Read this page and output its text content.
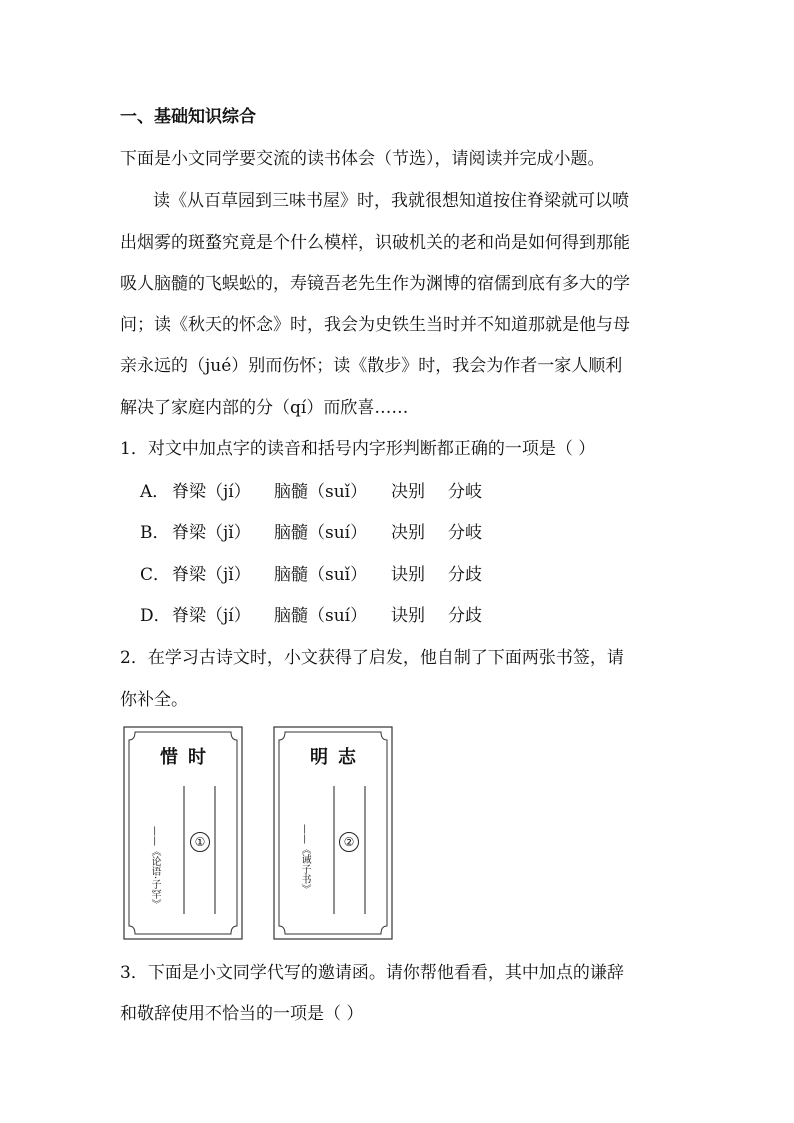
一、基础知识综合
下面是小文同学要交流的读书体会（节选），请阅读并完成小题。
读《从百草园到三味书屋》时，我就很想知道按住脊梁就可以喷
出烟雾的斑蝥究竟是个什么模样，识破机关的老和尚是如何得到那能
吸人脑髓的飞蜈蚣的，寿镜吾老先生作为渊博的宿儒到底有多大的学
问；读《秋天的怀念》时，我会为史铁生当时并不知道那就是他与母
亲永远的（jué）别而伤怀；读《散步》时，我会为作者一家人顺利
解决了家庭内部的分（qí）而欣喜……
1．对文中加点字的读音和括号内字形判断都正确的一项是（ ）
A． 脊梁（jí） 脑髓（suǐ） 决别 分岐
B． 脊梁（jǐ） 脑髓（suí） 决别 分岐
C． 脊梁（jǐ） 脑髓（suǐ） 诀别 分歧
D． 脊梁（jí） 脑髓（suí） 诀别 分歧
2．在学习古诗文时，小文获得了启发，他自制了下面两张书签，请
你补全。
惜时
——《论语·子罕》	①
明志
——《诫子书》	②
3．下面是小文同学代写的邀请函。请你帮他看看，其中加点的谦辞
和敬辞使用不恰当的一项是（ ）
